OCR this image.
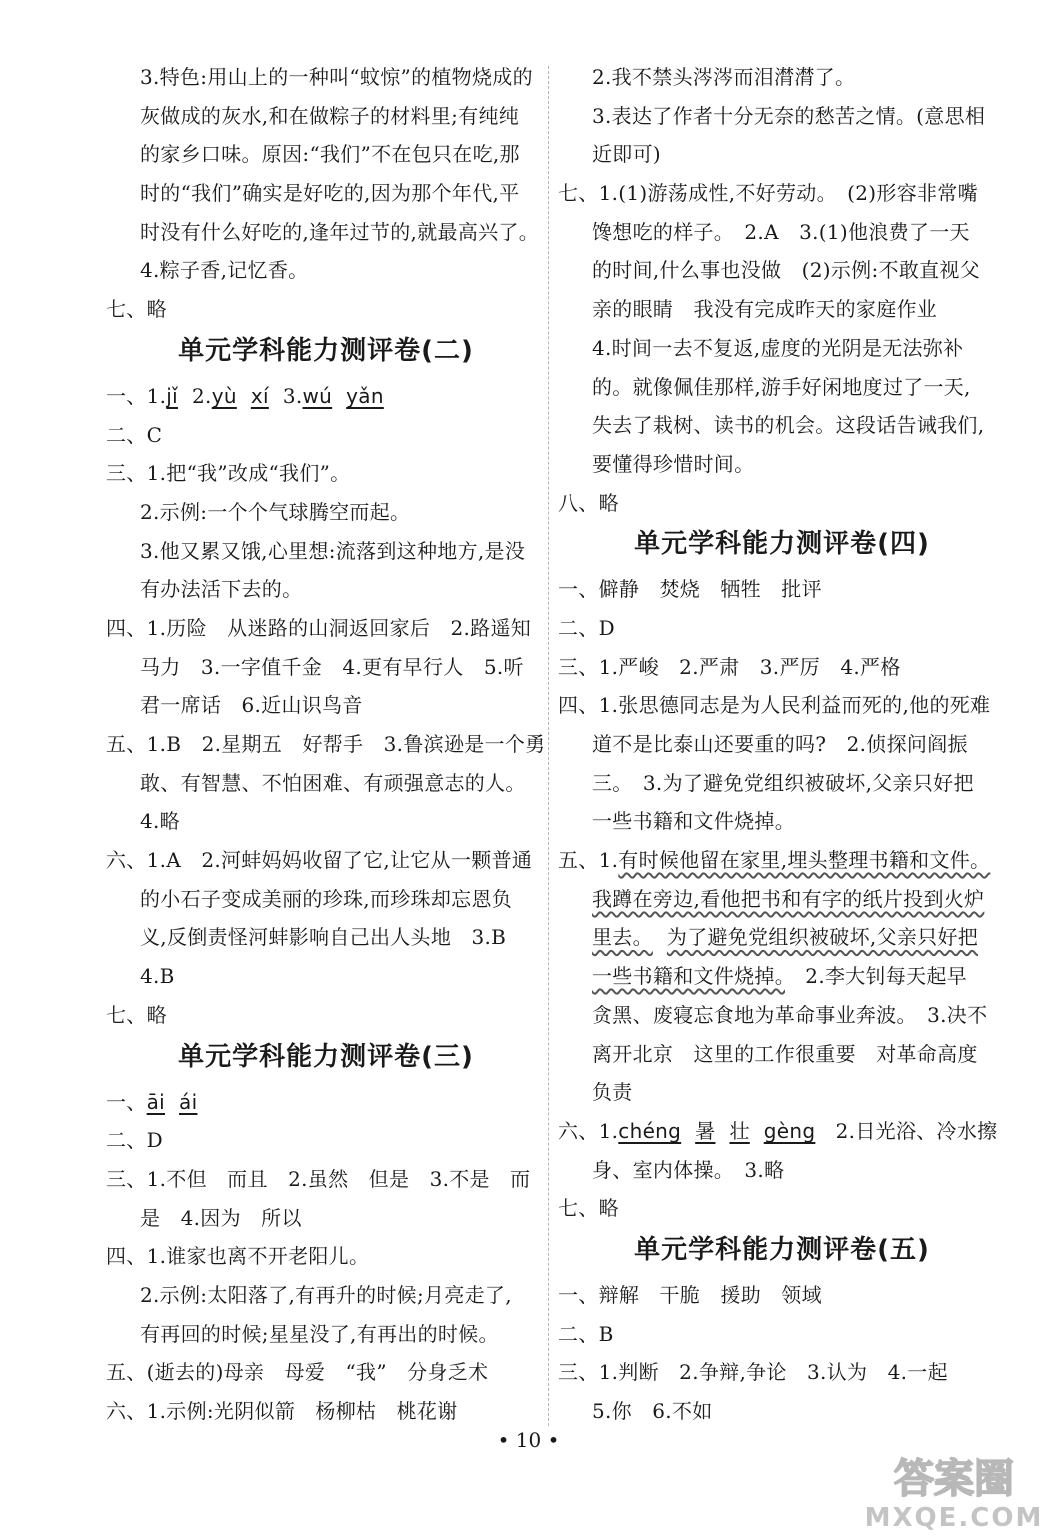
3.特色:用山上的一种叫“蚊惊”的植物烧成的
灰做成的灰水,和在做粽子的材料里;有纯纯
的家乡口味。原因:“我们”不在包只在吃,那
时的“我们”确实是好吃的,因为那个年代,平
时没有什么好吃的,逢年过节的,就最高兴了。
4.粽子香,记忆香。
七、略
单元学科能力测评卷(二)
一、1.jǐ 2.yù xí 3.wú yǎn
二、C
三、1.把“我”改成“我们”。
2.示例:一个个气球腾空而起。
3.他又累又饿,心里想:流落到这种地方,是没
有办法活下去的。
四、1.历险　从迷路的山洞返回家后　2.路遥知
马力　3.一字值千金　4.更有早行人　5.听
君一席话　6.近山识鸟音
五、1.B　2.星期五　好帮手　3.鲁滨逊是一个勇
敢、有智慧、不怕困难、有顽强意志的人。
4.略
六、1.A　2.河蚌妈妈收留了它,让它从一颗普通
的小石子变成美丽的珍珠,而珍珠却忘恩负
义,反倒责怪河蚌影响自己出人头地　3.B
4.B
七、略
单元学科能力测评卷(三)
一、āi ái
二、D
三、1.不但　而且　2.虽然　但是　3.不是　而
是　4.因为　所以
四、1.谁家也离不开老阳儿。
2.示例:太阳落了,有再升的时候;月亮走了,
有再回的时候;星星没了,有再出的时候。
五、(逝去的)母亲　母爱　“我”　分身乏术
六、1.示例:光阴似箭　杨柳枯　桃花谢
2.我不禁头涔涔而泪潸潸了。
3.表达了作者十分无奈的愁苦之情。(意思相
近即可)
七、1.(1)游荡成性,不好劳动。　(2)形容非常嘴
馋想吃的样子。　2.A　3.(1)他浪费了一天
的时间,什么事也没做　(2)示例:不敢直视父
亲的眼睛　我没有完成昨天的家庭作业
4.时间一去不复返,虚度的光阴是无法弥补
的。就像佩佳那样,游手好闲地度过了一天,
失去了栽树、读书的机会。这段话告诫我们,
要懂得珍惜时间。
八、略
单元学科能力测评卷(四)
一、僻静　焚烧　牺牲　批评
二、D
三、1.严峻　2.严肃　3.严厉　4.严格
四、1.张思德同志是为人民利益而死的,他的死难
道不是比泰山还要重的吗?　2.侦探问阎振
三。　3.为了避免党组织被破坏,父亲只好把
一些书籍和文件烧掉。
五、1.有时候他留在家里,埋头整理书籍和文件。
我蹲在旁边,看他把书和有字的纸片投到火炉
里去。 为了避免党组织被破坏,父亲只好把
一些书籍和文件烧掉。　2.李大钊每天起早
贪黑、废寝忘食地为革命事业奔波。　3.决不
离开北京　这里的工作很重要　对革命高度
负责
六、1.chéng 暑 壮 gèng　2.日光浴、冷水擦
身、室内体操。　3.略
七、略
单元学科能力测评卷(五)
一、辩解　干脆　援助　领域
二、B
三、1.判断　2.争辩,争论　3.认为　4.一起
5.你　6.不如
• 10 •
答案圈
MXQE.COM
